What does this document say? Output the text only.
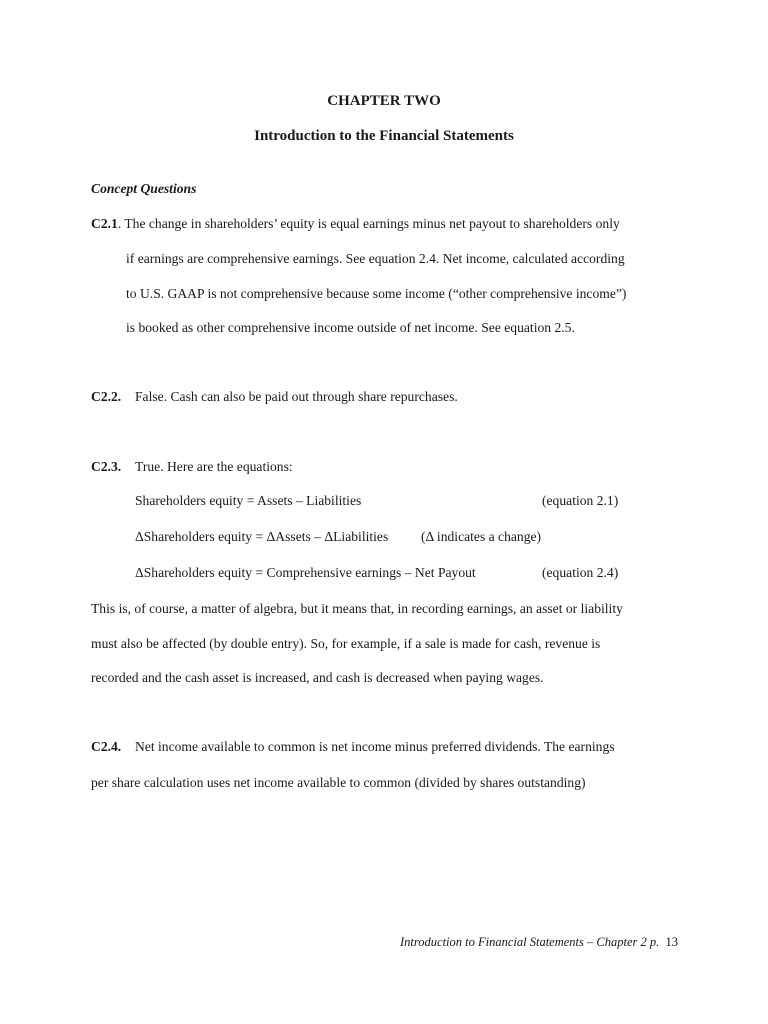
CHAPTER TWO
Introduction to the Financial Statements
Concept Questions
C2.1. The change in shareholders’ equity is equal earnings minus net payout to shareholders only
if earnings are comprehensive earnings. See equation 2.4. Net income, calculated according
to U.S. GAAP is not comprehensive because some income (“other comprehensive income”)
is booked as other comprehensive income outside of net income. See equation 2.5.
C2.2. False. Cash can also be paid out through share repurchases.
C2.3. True. Here are the equations:
Shareholders equity = Assets – Liabilities	(equation 2.1)
ΔShareholders equity = ΔAssets – ΔLiabilities (Δ indicates a change)
ΔShareholders equity = Comprehensive earnings – Net Payout	(equation 2.4)
This is, of course, a matter of algebra, but it means that, in recording earnings, an asset or liability
must also be affected (by double entry). So, for example, if a sale is made for cash, revenue is
recorded and the cash asset is increased, and cash is decreased when paying wages.
C2.4. Net income available to common is net income minus preferred dividends. The earnings
per share calculation uses net income available to common (divided by shares outstanding)
Introduction to Financial Statements – Chapter 2 p. 13
